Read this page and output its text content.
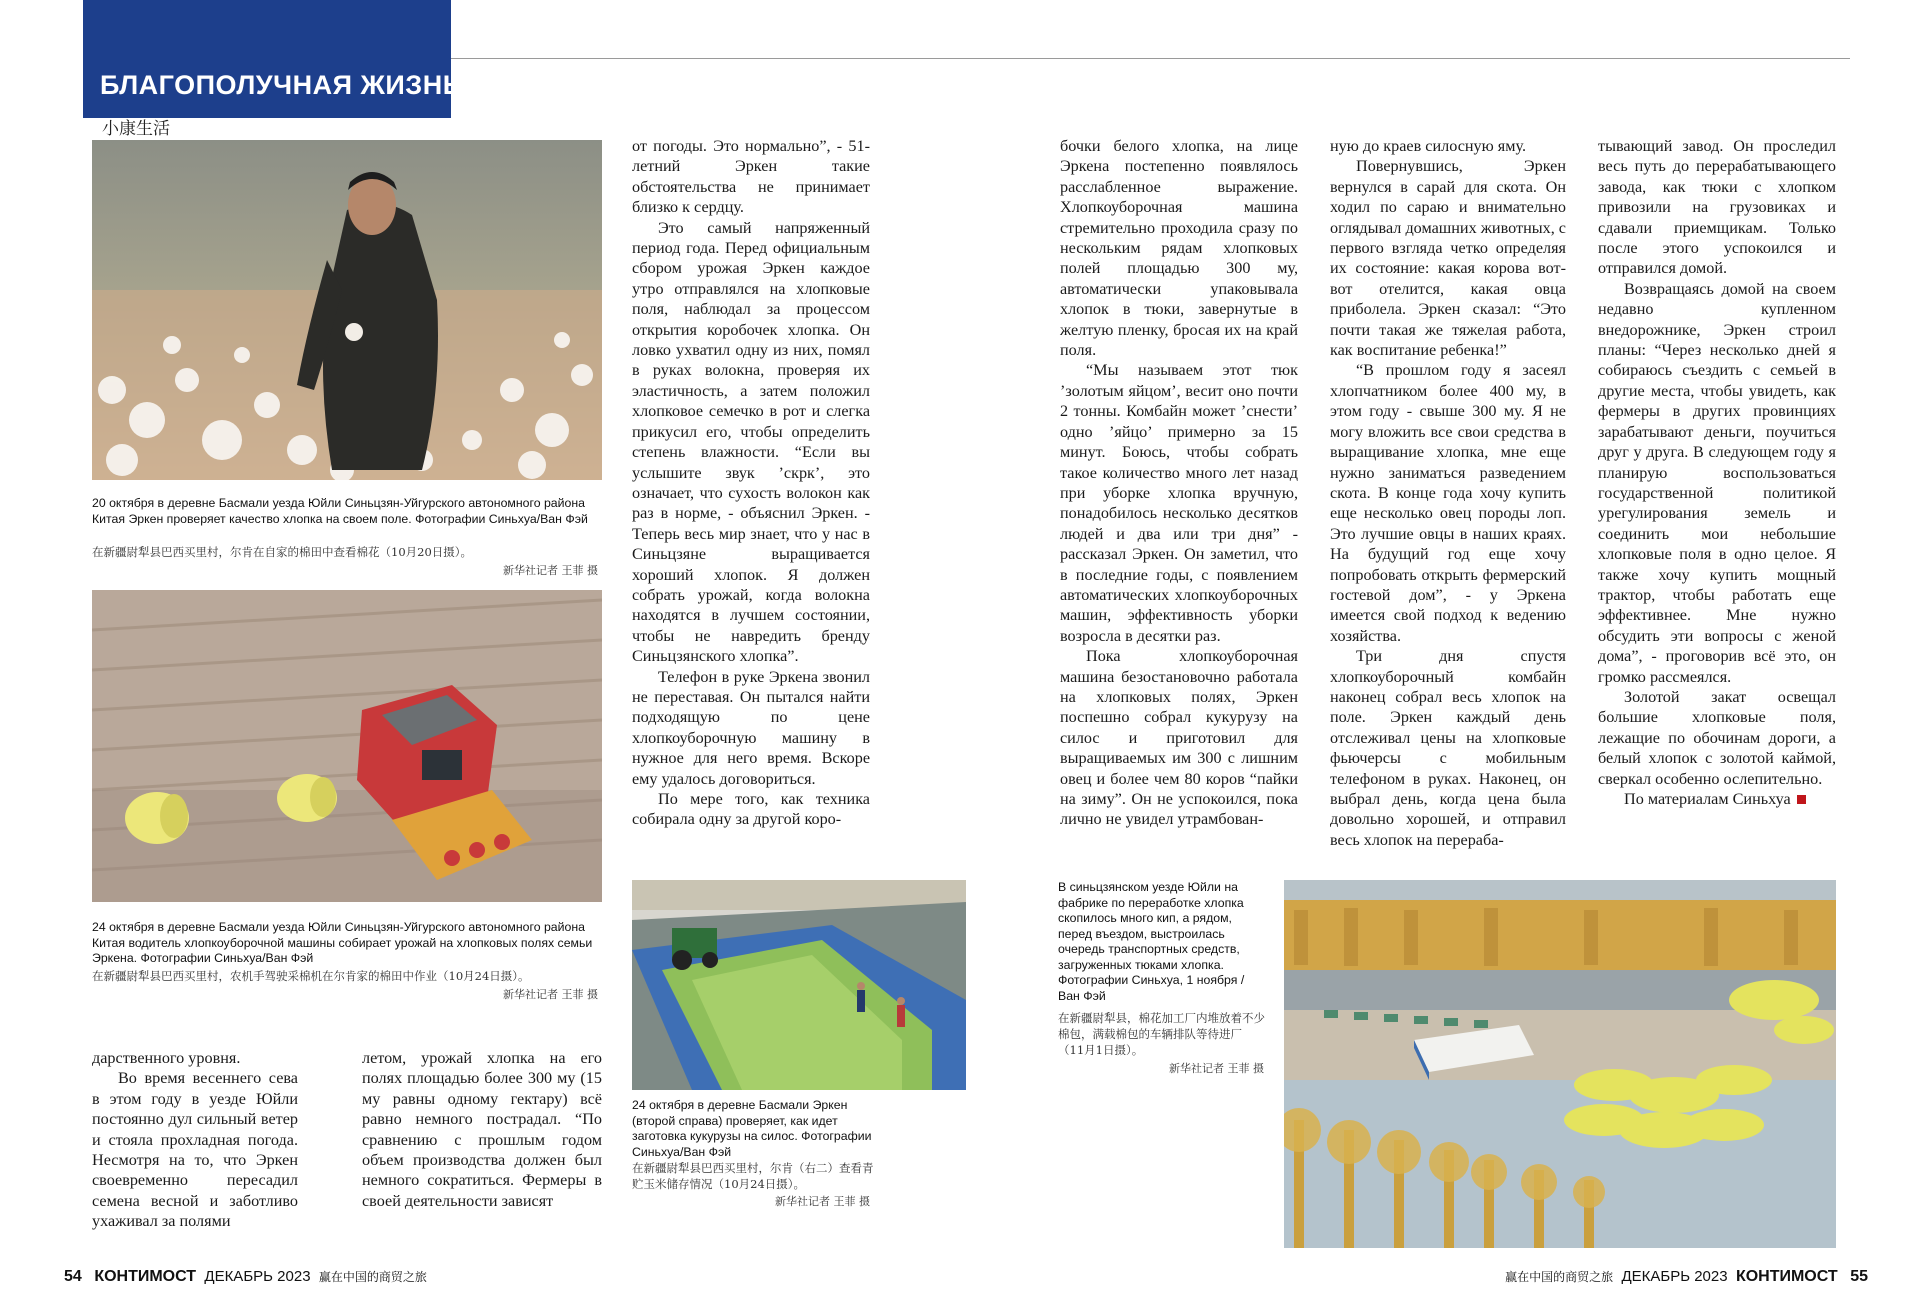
БЛАГОПОЛУЧНАЯ ЖИЗНЬ
小康生活
20 октября в деревне Басмали уезда Юйли Синьцзян-Уйгурского автономного района Китая Эркен проверяет качество хлопка на своем поле. Фотографии Синьхуа/Ван Фэй
在新疆尉犁县巴西买里村，尔肯在自家的棉田中查看棉花（10月20日摄）。
新华社记者 王菲 摄
24 октября в деревне Басмали уезда Юйли Синьцзян-Уйгурского автономного района Китая водитель хлопкоуборочной машины собирает урожай на хлопковых полях семьи Эркена. Фотографии Синьхуа/Ван Фэй
在新疆尉犁县巴西买里村，农机手驾驶采棉机在尔肯家的棉田中作业（10月24日摄）。
新华社记者 王菲 摄
24 октября в деревне Басмали Эркен (второй справа) проверяет, как идет заготовка кукурузы на силос. Фотографии Синьхуа/Ван Фэй
在新疆尉犁县巴西买里村，尔肯（右二）查看青贮玉米储存情况（10月24日摄）。
新华社记者 王菲 摄
В синьцзянском уезде Юйли на фабрике по переработке хлопка скопилось много кип, а рядом, перед въездом, выстроилась очередь транспортных средств, загруженных тюками хлопка. Фотографии Синьхуа, 1 ноября / Ван Фэй
在新疆尉犁县，棉花加工厂内堆放着不少棉包，满载棉包的车辆排队等待进厂（11月1日摄）。
新华社记者 王菲 摄

от погоды. Это нормально”, - 51-летний Эркен такие обстоятельства не принимает близко к сердцу.

Это самый напряженный период года. Перед официальным сбором урожая Эркен каждое утро отправлялся на хлопковые поля, наблюдал за процессом открытия коробочек хлопка. Он ловко ухватил одну из них, помял в руках волокна, проверяя их эластичность, а затем положил хлопковое семечко в рот и слегка прикусил его, чтобы определить степень влажности. “Если вы услышите звук ’скрк’, это означает, что сухость волокон как раз в норме, - объяснил Эркен. - Теперь весь мир знает, что у нас в Синьцзяне выращивается хороший хлопок. Я должен собрать урожай, когда волокна находятся в лучшем состоянии, чтобы не навредить бренду Синьцзянского хлопка”.

Телефон в руке Эркена звонил не переставая. Он пытался найти подходящую по цене хлопкоуборочную машину в нужное для него время. Вскоре ему удалось договориться.

По мере того, как техника собирала одну за другой коро-

бочки белого хлопка, на лице Эркена постепенно появлялось расслабленное выражение. Хлопкоуборочная машина стремительно проходила сразу по нескольким рядам хлопковых полей площадью 300 му, автоматически упаковывала хлопок в тюки, завернутые в желтую пленку, бросая их на край поля.

“Мы называем этот тюк ’золотым яйцом’, весит оно почти 2 тонны. Комбайн может ’снести’ одно ’яйцо’ примерно за 15 минут. Боюсь, чтобы собрать такое количество много лет назад при уборке хлопка вручную, понадобилось несколько десятков людей и два или три дня” - рассказал Эркен. Он заметил, что в последние годы, с появлением автоматических хлопкоуборочных машин, эффективность уборки возросла в десятки раз.

Пока хлопкоуборочная машина безостановочно работала на хлопковых полях, Эркен поспешно собрал кукурузу на силос и приготовил для выращиваемых им 300 с лишним овец и более чем 80 коров “пайки на зиму”. Он не успокоился, пока лично не увидел утрамбован-

ную до краев силосную яму.

Повернувшись, Эркен вернулся в сарай для скота. Он ходил по сараю и внимательно оглядывал домашних животных, с первого взгляда четко определяя их состояние: какая корова вот-вот отелится, какая овца приболела. Эркен сказал: “Это почти такая же тяжелая работа, как воспитание ребенка!”

“В прошлом году я засеял хлопчатником более 400 му, в этом году - свыше 300 му. Я не могу вложить все свои средства в выращивание хлопка, мне еще нужно заниматься разведением скота. В конце года хочу купить еще несколько овец породы лоп. Это лучшие овцы в наших краях. На будущий год еще хочу попробовать открыть фермерский гостевой дом”, - у Эркена имеется свой подход к ведению хозяйства.

Три дня спустя хлопкоуборочный комбайн наконец собрал весь хлопок на поле. Эркен каждый день отслеживал цены на хлопковые фьючерсы с мобильным телефоном в руках. Наконец, он выбрал день, когда цена была довольно хорошей, и отправил весь хлопок на перераба-

тывающий завод. Он проследил весь путь до перерабатывающего завода, как тюки с хлопком привозили на грузовиках и сдавали приемщикам. Только после этого успокоился и отправился домой.

Возвращаясь домой на своем недавно купленном внедорожнике, Эркен строил планы: “Через несколько дней я собираюсь съездить с семьей в другие места, чтобы увидеть, как фермеры в других провинциях зарабатывают деньги, поучиться друг у друга. В следующем году я планирую воспользоваться государственной политикой урегулирования земель и соединить мои небольшие хлопковые поля в одно целое. Я также хочу купить мощный трактор, чтобы работать еще эффективнее. Мне нужно обсудить эти вопросы с женой дома”, - проговорив всё это, он громко рассмеялся.

Золотой закат освещал большие хлопковые поля, лежащие по обочинам дороги, а белый хлопок с золотой каймой, сверкал особенно ослепительно.

По материалам Синьхуа

дарственного уровня.

Во время весеннего сева в этом году в уезде Юйли постоянно дул сильный ветер и стояла прохладная погода. Несмотря на то, что Эркен своевременно пересадил семена весной и заботливо ухаживал за полями

летом, урожай хлопка на его полях площадью более 300 му (15 му равны одному гектару) всё равно немного пострадал. “По сравнению с прошлым годом объем производства должен был немного сократиться. Фермеры в своей деятельности зависят

54 КОНТИМОСТ ДЕКАБРЬ 2023 赢在中国的商贸之旅	赢在中国的商贸之旅 ДЕКАБРЬ 2023 КОНТИМОСТ 55
